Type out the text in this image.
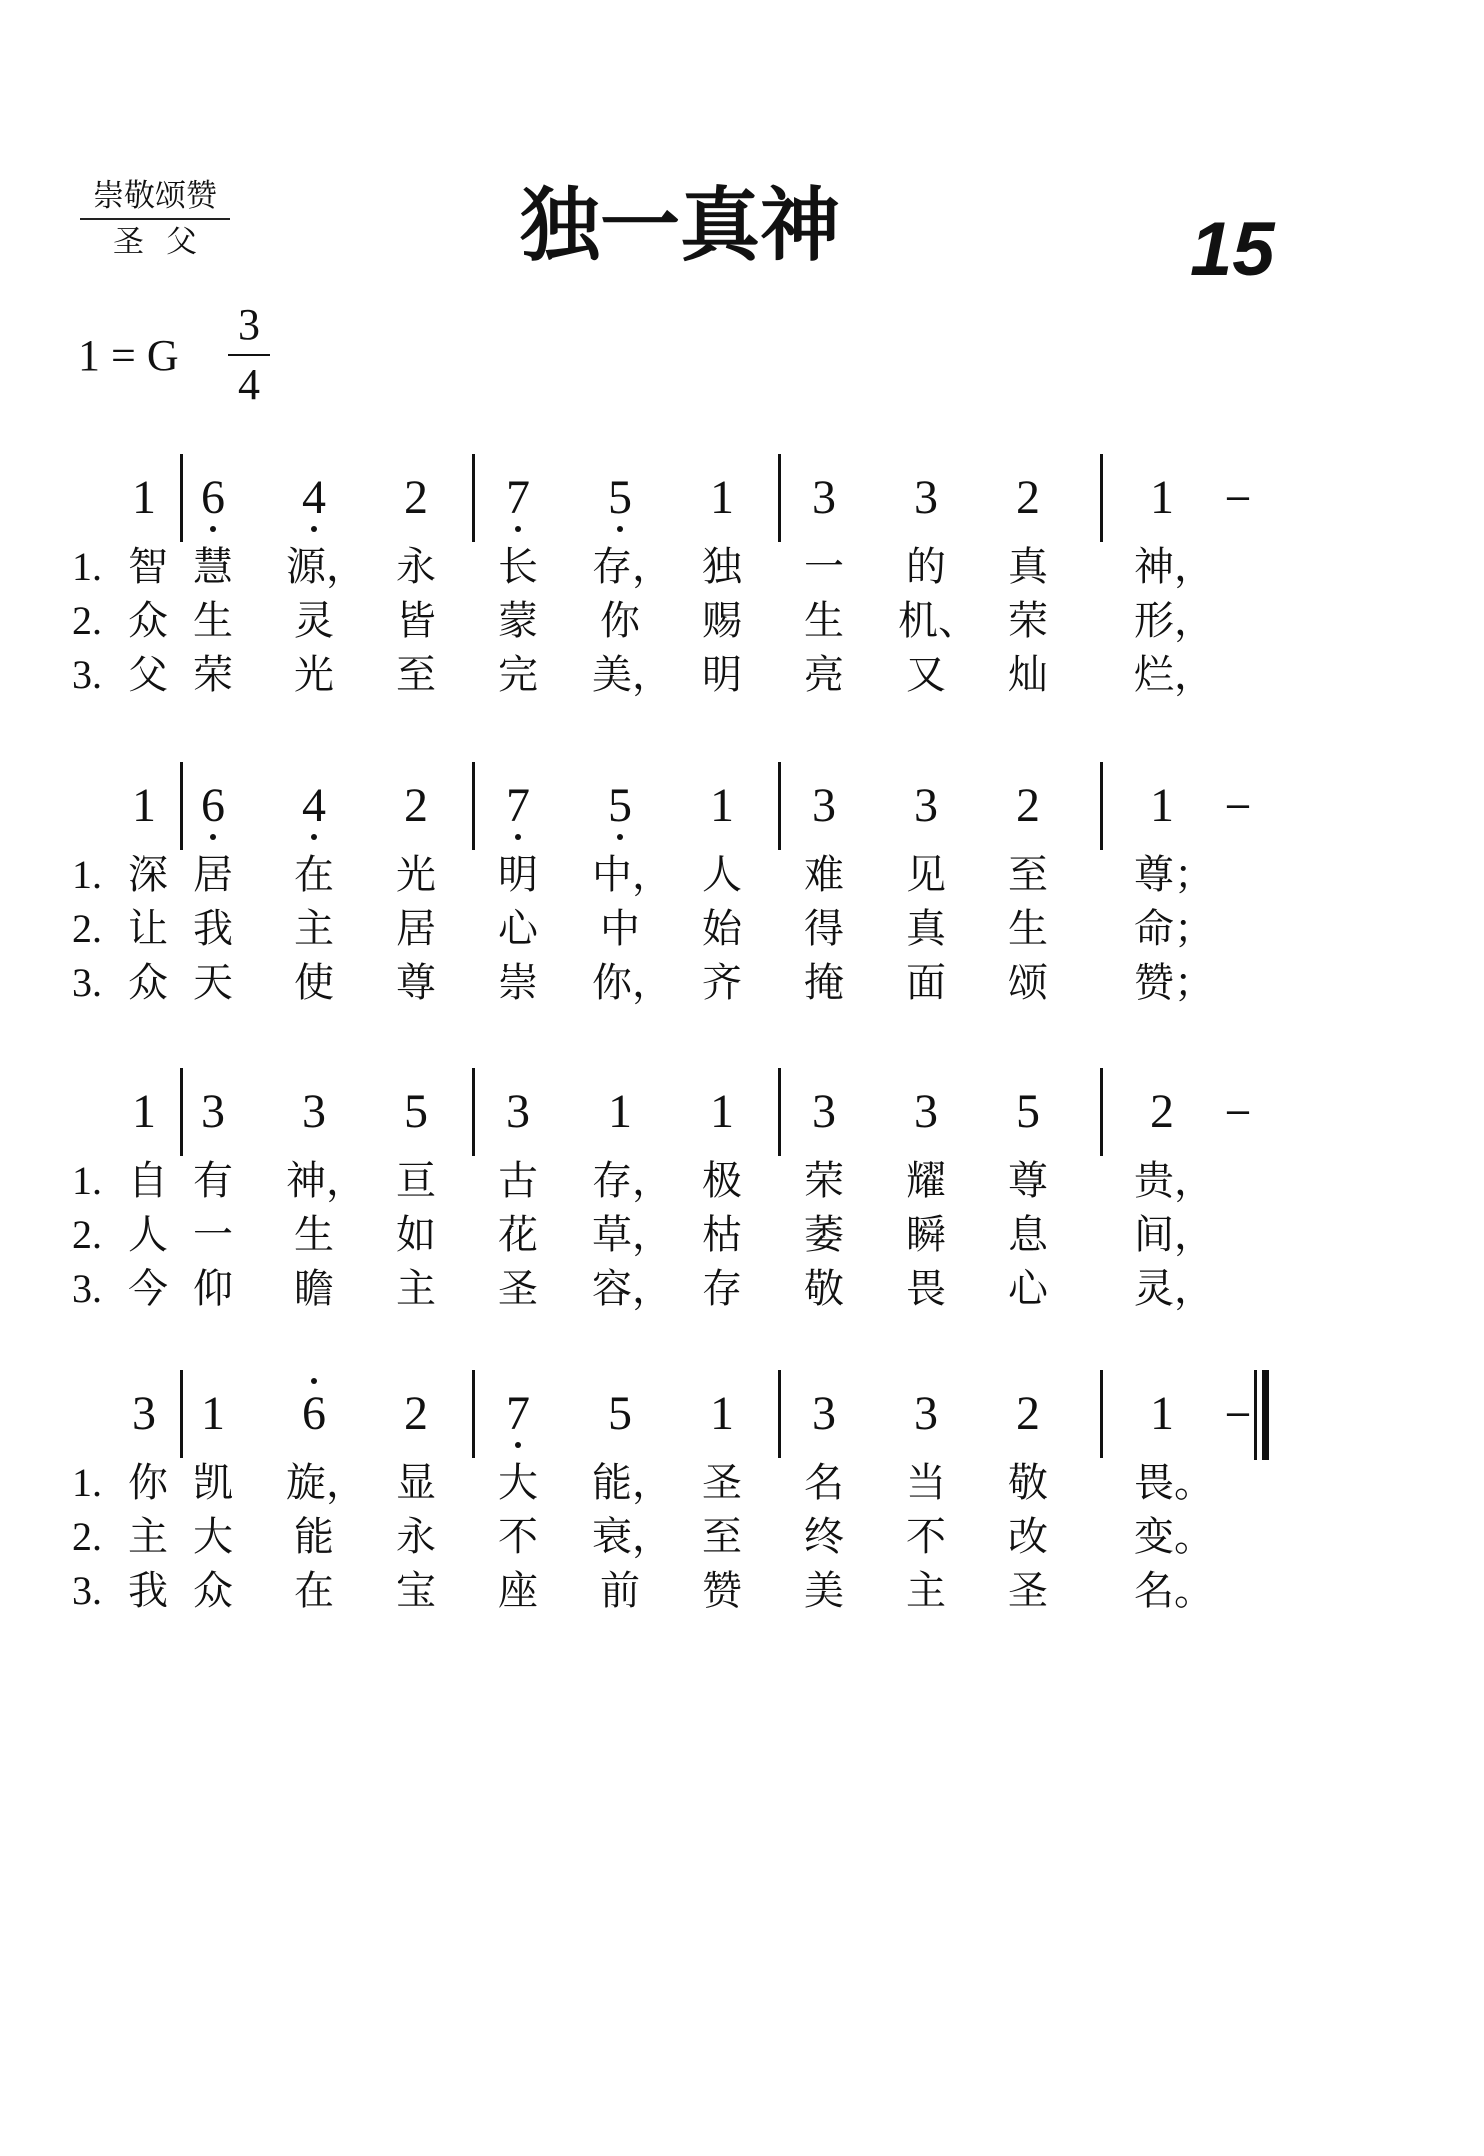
崇敬颂赞
圣父	独一真神	15
1 = G
3
4
1 6 4 2 7 5 1 3 3 2 1 –
1. 智 慧 源， 永 长 存， 独 一 的 真 神，
2. 众 生 灵 皆 蒙 你 赐 生 机、 荣 形，
3. 父 荣 光 至 完 美， 明 亮 又 灿 烂，
1 6 4 2 7 5 1 3 3 2 1 –
1. 深 居 在 光 明 中， 人 难 见 至 尊；
2. 让 我 主 居 心 中 始 得 真 生 命；
3. 众 天 使 尊 崇 你， 齐 掩 面 颂 赞；
1 3 3 5 3 1 1 3 3 5 2 –
1. 自 有 神， 亘 古 存， 极 荣 耀 尊 贵，
2. 人 一 生 如 花 草， 枯 萎 瞬 息 间，
3. 今 仰 瞻 主 圣 容， 存 敬 畏 心 灵，
3 1 6 2 7 5 1 3 3 2 1 –
1. 你 凯 旋， 显 大 能， 圣 名 当 敬 畏。
2. 主 大 能 永 不 衰， 至 终 不 改 变。
3. 我 众 在 宝 座 前 赞 美 主 圣 名。
